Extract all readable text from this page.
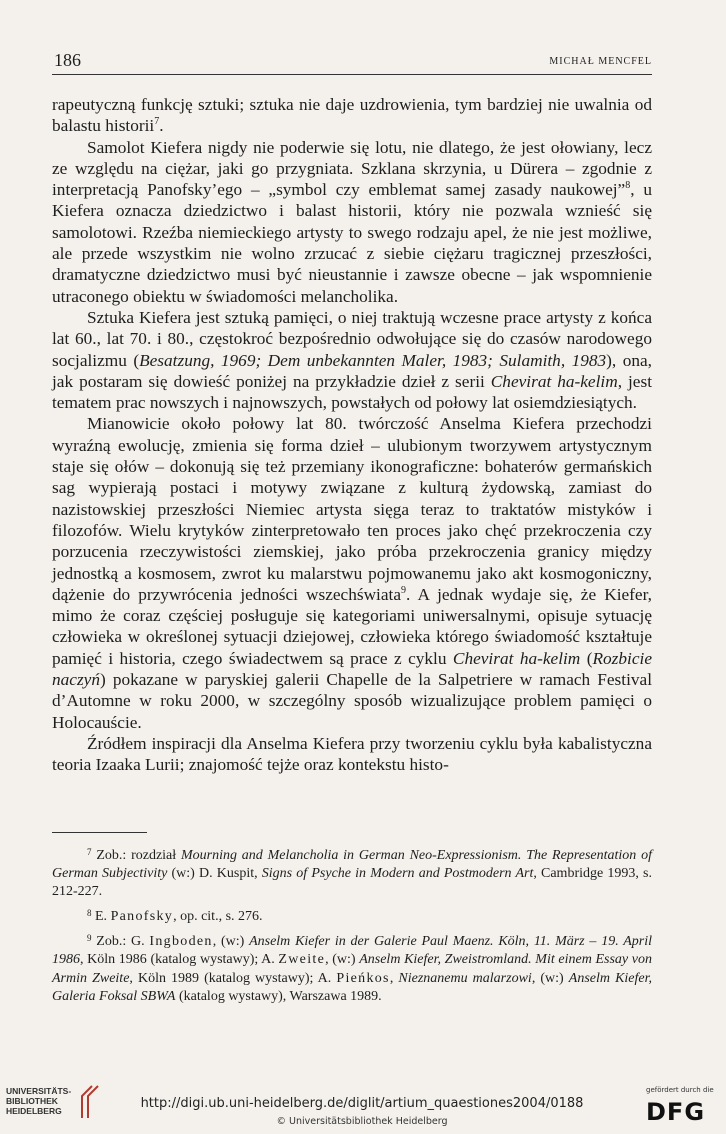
186	MICHAŁ MENCFEL

rapeutyczną funkcję sztuki; sztuka nie daje uzdrowienia, tym bardziej nie uwalnia od balastu historii$^7$.

Samolot Kiefera nigdy nie poderwie się lotu, nie dlatego, że jest ołowiany, lecz ze względu na ciężar, jaki go przygniata. Szklana skrzynia, u Dürera – zgodnie z interpretacją Panofsky’ego – „symbol czy emblemat samej zasady naukowej”$^8$, u Kiefera oznacza dziedzictwo i balast historii, który nie pozwala wznieść się samolotowi. Rzeźba niemieckiego artysty to swego rodzaju apel, że nie jest możliwe, ale przede wszystkim nie wolno zrzucać z siebie ciężaru tragicznej przeszłości, dramatyczne dziedzictwo musi być nieustannie i zawsze obecne – jak wspomnienie utraconego obiektu w świadomości melancholika.

Sztuka Kiefera jest sztuką pamięci, o niej traktują wczesne prace artysty z końca lat 60., lat 70. i 80., częstokroć bezpośrednio odwołujące się do czasów narodowego socjalizmu (Besatzung, 1969; Dem unbekannten Maler, 1983; Sulamith, 1983), ona, jak postaram się dowieść poniżej na przykładzie dzieł z serii Chevirat ha-kelim, jest tematem prac nowszych i najnowszych, powstałych od połowy lat osiemdziesiątych.

Mianowicie około połowy lat 80. twórczość Anselma Kiefera przechodzi wyraźną ewolucję, zmienia się forma dzieł – ulubionym tworzywem artystycznym staje się ołów – dokonują się też przemiany ikonograficzne: bohaterów germańskich sag wypierają postaci i motywy związane z kulturą żydowską, zamiast do nazistowskiej przeszłości Niemiec artysta sięga teraz to traktatów mistyków i filozofów. Wielu krytyków zinterpretowało ten proces jako chęć przekroczenia czy porzucenia rzeczywistości ziemskiej, jako próba przekroczenia granicy między jednostką a kosmosem, zwrot ku malarstwu pojmowanemu jako akt kosmogoniczny, dążenie do przywrócenia jedności wszechświata$^9$. A jednak wydaje się, że Kiefer, mimo że coraz częściej posługuje się kategoriami uniwersalnymi, opisuje sytuację człowieka w określonej sytuacji dziejowej, człowieka którego świadomość kształtuje pamięć i historia, czego świadectwem są prace z cyklu Chevirat ha-kelim (Rozbicie naczyń) pokazane w paryskiej galerii Chapelle de la Salpetriere w ramach Festival d’Automne w roku 2000, w szczególny sposób wizualizujące problem pamięci o Holocauście.

Źródłem inspiracji dla Anselma Kiefera przy tworzeniu cyklu była kabalistyczna teoria Izaaka Lurii; znajomość tejże oraz kontekstu histo-

$^7$ Zob.: rozdział Mourning and Melancholia in German Neo-Expressionism. The Representation of German Subjectivity (w:) D. Kuspit, Signs of Psyche in Modern and Postmodern Art, Cambridge 1993, s. 212-227.

$^8$ E. Panofsky, op. cit., s. 276.

$^9$ Zob.: G. Ingboden, (w:) Anselm Kiefer in der Galerie Paul Maenz. Köln, 11. März – 19. April 1986, Köln 1986 (katalog wystawy); A. Zweite, (w:) Anselm Kiefer, Zweistromland. Mit einem Essay von Armin Zweite, Köln 1989 (katalog wystawy); A. Pieńkos, Nieznanemu malarzowi, (w:) Anselm Kiefer, Galeria Foksal SBWA (katalog wystawy), Warszawa 1989.

UNIVERSITÄTS-
BIBLIOTHEK
HEIDELBERG	http://digi.ub.uni-heidelberg.de/diglit/artium_quaestiones2004/0188
© Universitätsbibliothek Heidelberg
gefördert durch die
DFG
